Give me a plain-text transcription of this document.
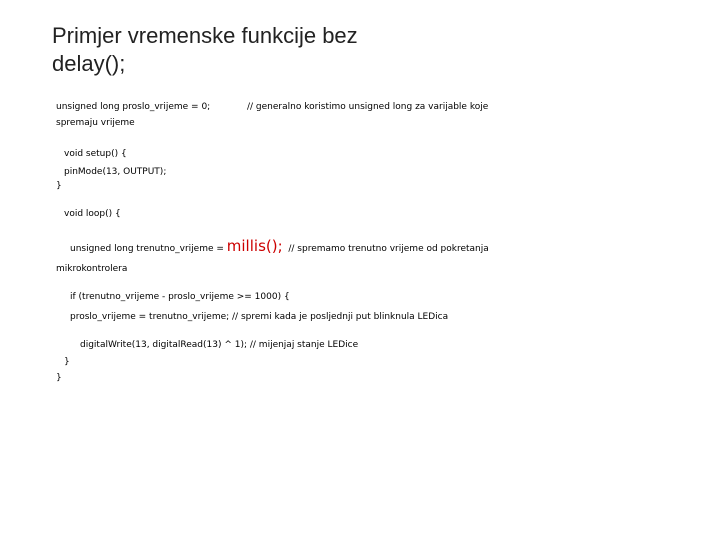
Primjer vremenske funkcije bez
delay();
unsigned long proslo_vrijeme = 0;	// generalno koristimo unsigned long za varijable koje
spremaju vrijeme
void setup() {
pinMode(13, OUTPUT);
}
void loop() {
unsigned long trenutno_vrijeme = millis(); // spremamo trenutno vrijeme od pokretanja
mikrokontrolera
if (trenutno_vrijeme - proslo_vrijeme >= 1000) {
proslo_vrijeme = trenutno_vrijeme; // spremi kada je posljednji put blinknula LEDica
digitalWrite(13, digitalRead(13) ^ 1); // mijenjaj stanje LEDice
}
}
